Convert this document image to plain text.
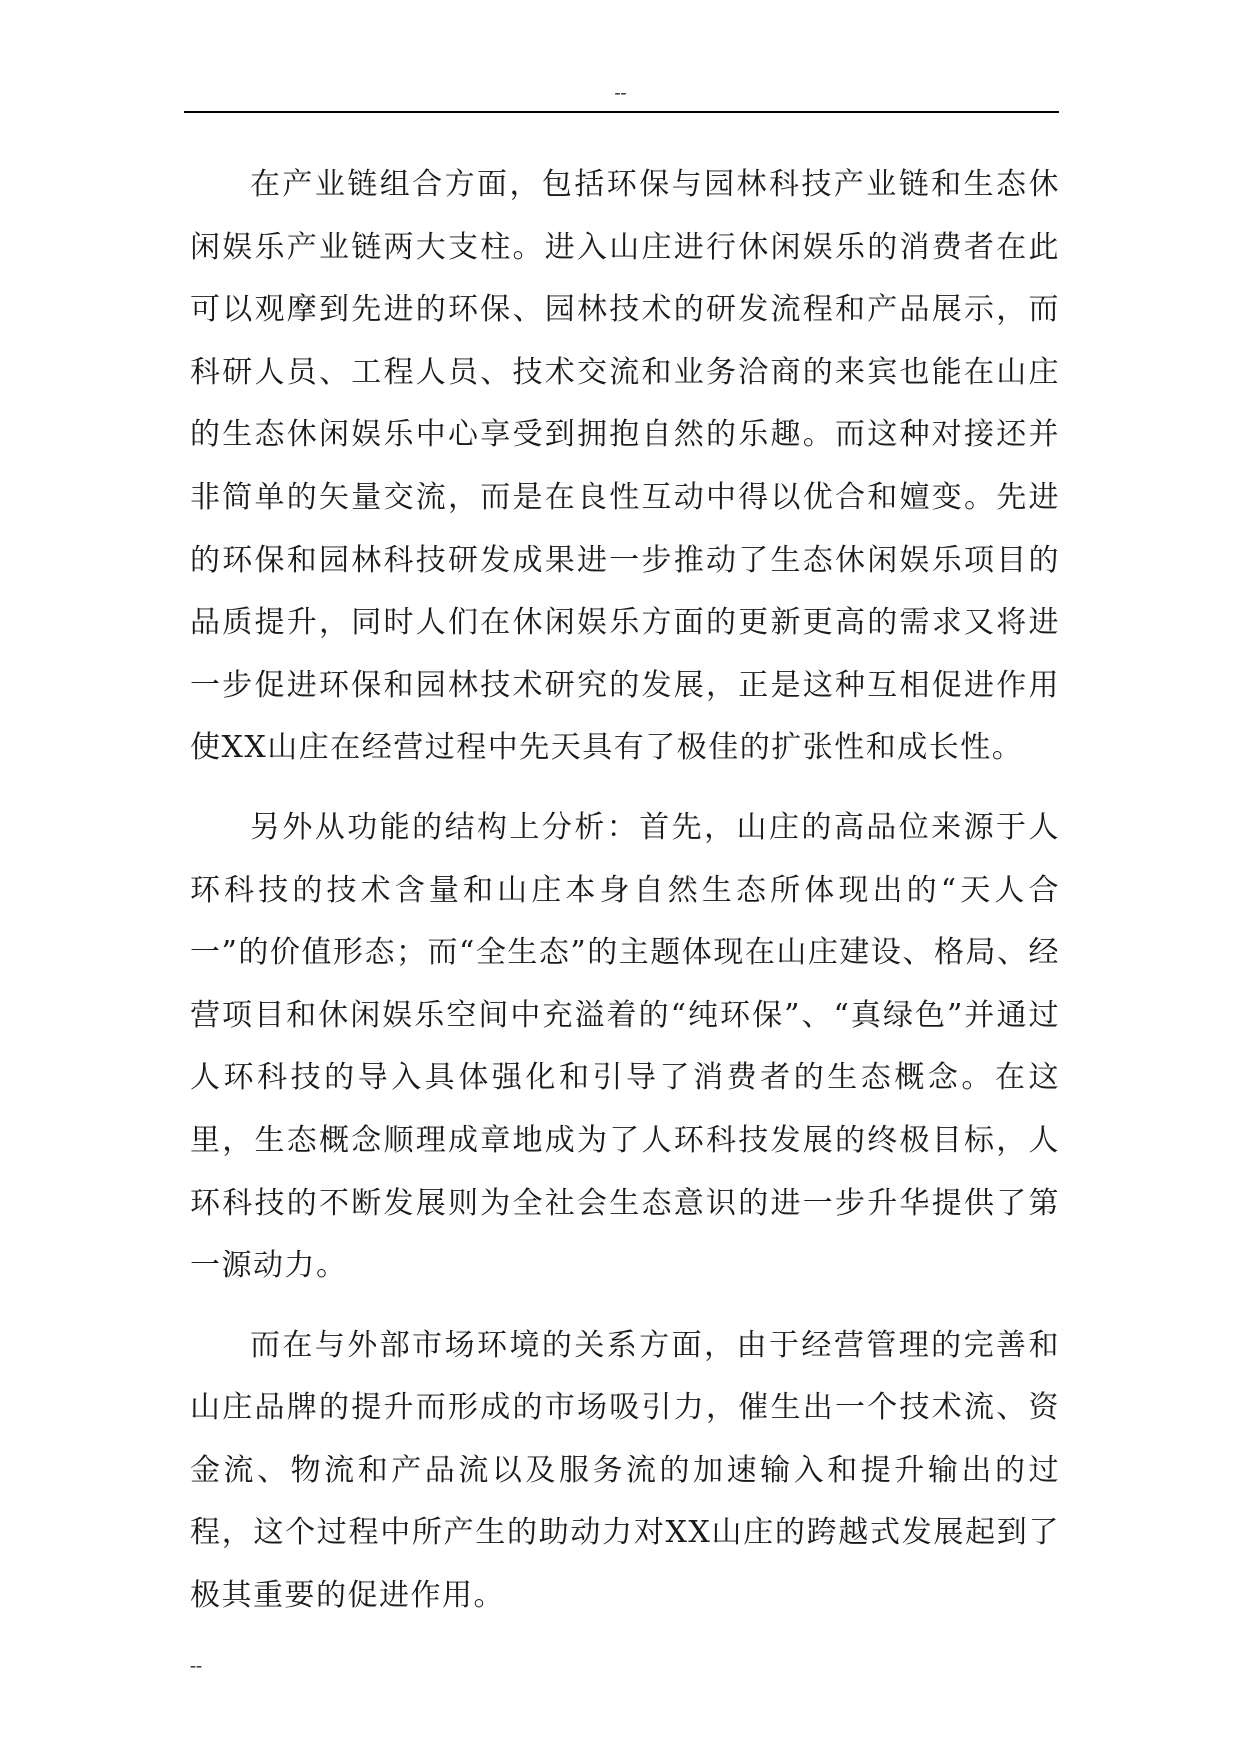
--

在产业链组合方面，包括环保与园林科技产业链和生态休闲娱乐产业链两大支柱。进入山庄进行休闲娱乐的消费者在此可以观摩到先进的环保、园林技术的研发流程和产品展示，而科研人员、工程人员、技术交流和业务洽商的来宾也能在山庄的生态休闲娱乐中心享受到拥抱自然的乐趣。而这种对接还并非简单的矢量交流，而是在良性互动中得以优合和嬗变。先进的环保和园林科技研发成果进一步推动了生态休闲娱乐项目的品质提升，同时人们在休闲娱乐方面的更新更高的需求又将进一步促进环保和园林技术研究的发展，正是这种互相促进作用使XX山庄在经营过程中先天具有了极佳的扩张性和成长性。

另外从功能的结构上分析：首先，山庄的高品位来源于人环科技的技术含量和山庄本身自然生态所体现出的“天人合一”的价值形态；而“全生态”的主题体现在山庄建设、格局、经营项目和休闲娱乐空间中充溢着的“纯环保”、“真绿色”并通过人环科技的导入具体强化和引导了消费者的生态概念。在这里，生态概念顺理成章地成为了人环科技发展的终极目标，人环科技的不断发展则为全社会生态意识的进一步升华提供了第一源动力。

而在与外部市场环境的关系方面，由于经营管理的完善和山庄品牌的提升而形成的市场吸引力，催生出一个技术流、资金流、物流和产品流以及服务流的加速输入和提升输出的过程，这个过程中所产生的助动力对XX山庄的跨越式发展起到了极其重要的促进作用。

--
